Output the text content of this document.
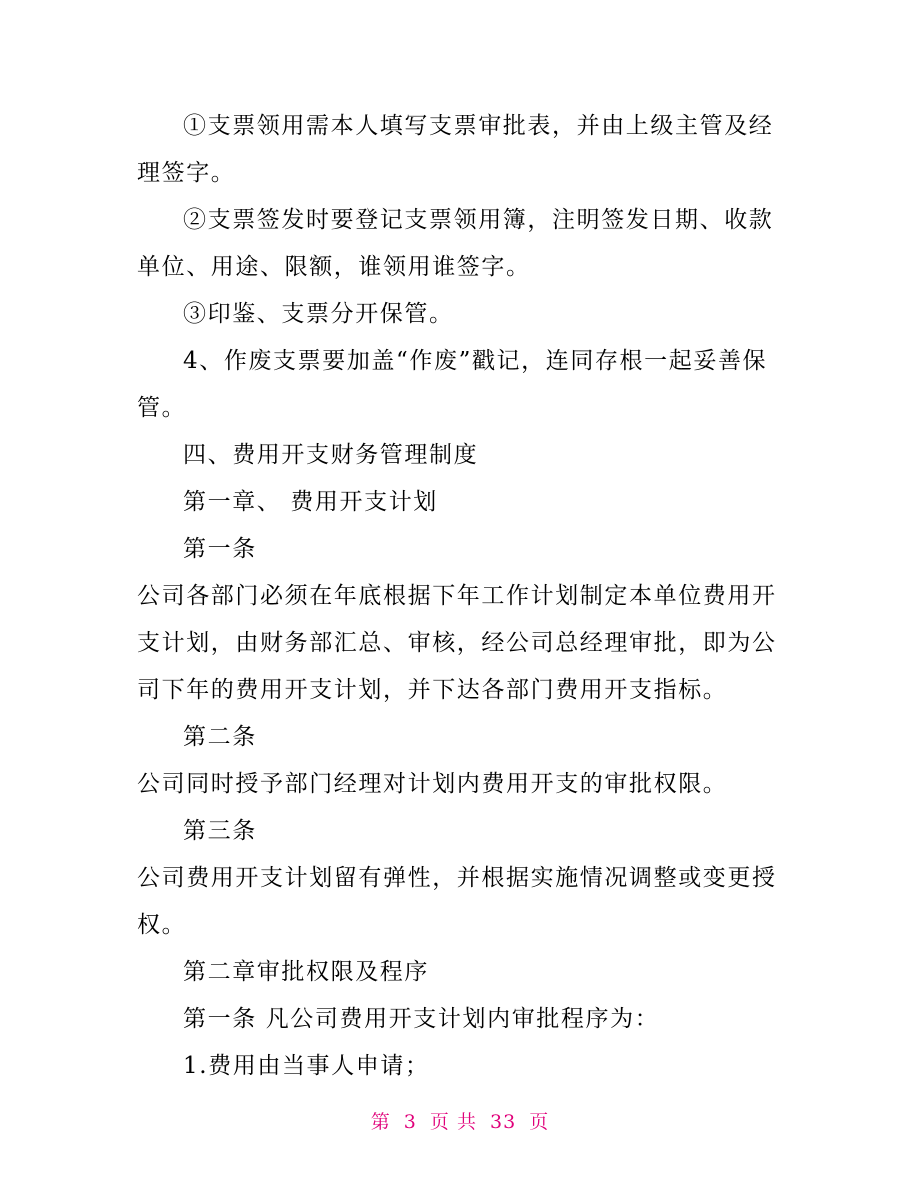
①支票领用需本人填写支票审批表，并由上级主管及经理签字。

②支票签发时要登记支票领用簿，注明签发日期、收款单位、用途、限额，谁领用谁签字。

③印鉴、支票分开保管。

4、作废支票要加盖“作废”戳记，连同存根一起妥善保管。

四、费用开支财务管理制度

第一章、 费用开支计划

第一条

公司各部门必须在年底根据下年工作计划制定本单位费用开支计划，由财务部汇总、审核，经公司总经理审批，即为公司下年的费用开支计划，并下达各部门费用开支指标。

第二条

公司同时授予部门经理对计划内费用开支的审批权限。

第三条

公司费用开支计划留有弹性，并根据实施情况调整或变更授权。

第二章审批权限及程序

第一条 凡公司费用开支计划内审批程序为：

1.费用由当事人申请；

第 3 页 共 33 页
